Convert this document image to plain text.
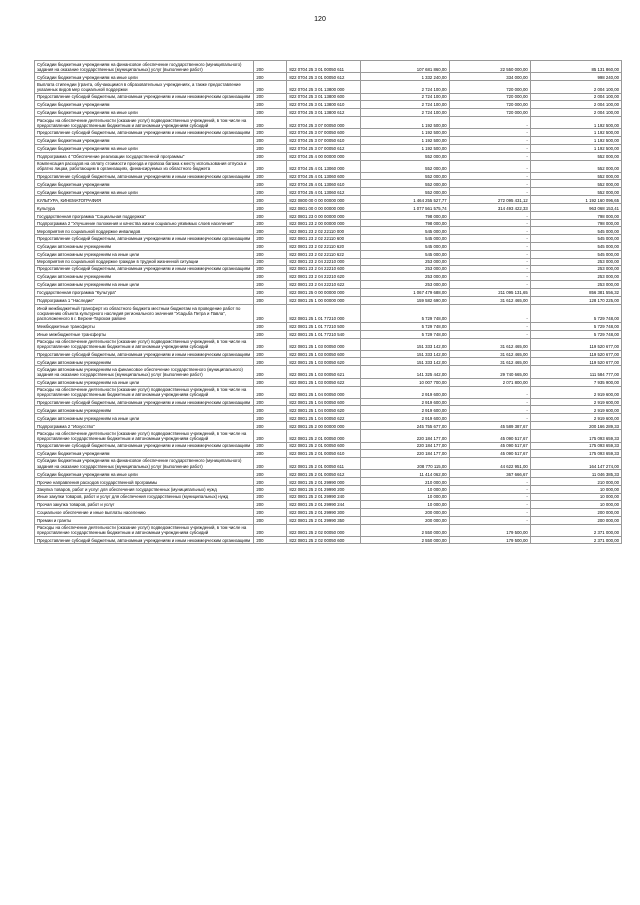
120
Субсидии бюджетным учреждениям на финансовое обеспечение государственного (муниципального) задания на оказание государственных (муниципальных) услуг (выполнение работ)	200	822 0704 25 3 01 00050 611	107 681 860,00	22 550 000,00	85 131 860,00
Субсидии бюджетным учреждениям на иные цели	200	822 0704 25 3 01 00050 612	1 332 240,00	334 000,00	998 240,00
Выплата стипендии (гранта, обучающимся в образовательных учреждениях, а также предоставление указанных видов мер социальной поддержки	200	822 0704 25 3 01 13800 000	2 724 100,00	720 000,00	2 004 100,00
Предоставление субсидий бюджетным, автономным учреждениям и иным некоммерческим организациям	200	822 0704 25 3 01 13800 600	2 724 100,00	720 000,00	2 004 100,00
Субсидии бюджетным учреждениям	200	822 0704 25 3 01 13800 610	2 724 100,00	720 000,00	2 004 100,00
Субсидии бюджетным учреждениям на иные цели	200	822 0704 25 3 01 13800 612	2 724 100,00	720 000,00	2 004 100,00
Расходы на обеспечение деятельности (оказание услуг) подведомственных учреждений, в том числе на предоставление государственным бюджетным и автономным учреждениям субсидий	200	822 0704 25 3 07 00050 000	1 192 500,00	-	1 192 500,00
Предоставление субсидий бюджетным, автономным учреждениям и иным некоммерческим организациям	200	822 0704 25 3 07 00050 600	1 192 500,00	-	1 192 500,00
Субсидии бюджетным учреждениям	200	822 0704 25 3 07 00050 610	1 192 500,00	-	1 192 500,00
Субсидии бюджетным учреждениям на иные цели	200	822 0704 25 3 07 00050 612	1 192 500,00	-	1 192 500,00
Подпрограмма 4 "Обеспечение реализации государственной программы"	200	822 0704 25 4 00 00000 000	552 000,00	-	552 000,00
Компенсация расходов на оплату стоимости проезда и провоза багажа к месту использования отпуска и обратно лицам, работающим в организациях, финансируемых из областного бюджета	200	822 0704 25 4 01 13060 000	552 000,00	-	552 000,00
Предоставление субсидий бюджетным, автономным учреждениям и иным некоммерческим организациям	200	822 0704 25 4 01 13060 600	552 000,00	-	552 000,00
Субсидии бюджетным учреждениям	200	822 0704 25 4 01 13060 610	552 000,00	-	552 000,00
Субсидии бюджетным учреждениям на иные цели	200	822 0704 25 4 01 13060 612	552 000,00	-	552 000,00
КУЛЬТУРА, КИНЕМАТОГРАФИЯ	200	822 0800 00 0 00 00000 000	1 464 255 527,77	272 095 431,12	1 192 160 096,65
Культура	200	822 0801 00 0 00 00000 000	1 077 561 575,74	314 493 422,33	963 068 153,41
Государственная программа "Социальная поддержка"	200	822 0801 23 0 00 00000 000	798 000,00	-	798 000,00
Подпрограмма 2 "Улучшение положения и качества жизни социально уязвимых слоев населения"	200	822 0801 23 2 00 00000 000	798 000,00	-	798 000,00
Мероприятия по социальной поддержке инвалидов	200	822 0801 23 2 02 22110 000	545 000,00	-	545 000,00
Предоставление субсидий бюджетным, автономным учреждениям и иным некоммерческим организациям	200	822 0801 23 2 02 22110 600	545 000,00	-	545 000,00
Субсидии автономным учреждениям	200	822 0801 23 2 02 22110 620	545 000,00	-	545 000,00
Субсидии автономным учреждениям на иные цели	200	822 0801 23 2 02 22110 622	545 000,00	-	545 000,00
Мероприятия по социальной поддержке граждан в трудной жизненной ситуации	200	822 0801 23 2 04 22210 000	253 000,00	-	253 000,00
Предоставление субсидий бюджетным, автономным учреждениям и иным некоммерческим организациям	200	822 0801 23 2 04 22210 600	253 000,00	-	253 000,00
Субсидии автономным учреждениям	200	822 0801 23 2 04 22210 620	253 000,00	-	253 000,00
Субсидии автономным учреждениям на иные цели	200	822 0801 23 2 04 22210 622	253 000,00	-	253 000,00
Государственная программа "Культура"	200	822 0801 25 0 00 00000 000	1 067 479 688,00	211 095 131,65	856 381 556,32
Подпрограмма 1 "Наследие"	200	822 0801 25 1 00 00000 000	159 582 690,00	31 612 465,00	128 170 225,00
Иной межбюджетный трансферт из областного бюджета местным бюджетам на проведение работ по сохранению объекта культурного наследия регионального значения "Усадьба Петра и Павла", расположенного в г. Верхне-Тарском районе	200	822 0801 25 1 01 77210 000	5 729 748,00	-	5 729 748,00
Межбюджетные трансферты	200	822 0801 25 1 01 77210 500	5 729 748,00	-	5 729 748,00
Иные межбюджетные трансферты	200	822 0801 25 1 01 77210 540	5 729 748,00	-	5 729 748,00
Расходы на обеспечение деятельности (оказание услуг) подведомственных учреждений, в том числе на предоставление государственным бюджетным и автономным учреждениям субсидий	200	822 0801 25 1 03 00050 000	151 333 142,00	31 612 465,00	119 520 677,00
Предоставление субсидий бюджетным, автономным учреждениям и иным некоммерческим организациям	200	822 0801 25 1 03 00050 600	151 333 142,00	31 612 465,00	119 520 677,00
Субсидии автономным учреждениям	200	822 0801 25 1 03 00050 620	151 333 142,00	31 612 465,00	119 520 677,00
Субсидии автономным учреждениям на финансовое обеспечение государственного (муниципального) задания на оказание государственных (муниципальных) услуг (выполнение работ)	200	822 0801 25 1 03 00050 621	141 325 442,00	29 740 665,00	111 584 777,00
Субсидии автономным учреждениям на иные цели	200	822 0801 25 1 03 00050 622	10 007 700,00	2 071 800,00	7 935 900,00
Расходы на обеспечение деятельности (оказание услуг) подведомственных учреждений, в том числе на предоставление государственным бюджетным и автономным учреждениям субсидий	200	822 0801 25 1 04 00050 000	2 919 600,00	-	2 919 600,00
Предоставление субсидий бюджетным, автономным учреждениям и иным некоммерческим организациям	200	822 0801 25 1 04 00050 600	2 919 600,00	-	2 919 600,00
Субсидии автономным учреждениям	200	822 0801 25 1 04 00050 620	2 919 600,00	-	2 919 600,00
Субсидии автономным учреждениям на иные цели	200	822 0801 25 1 04 00050 622	2 919 600,00	-	2 919 600,00
Подпрограмма 2 "Искусство"	200	822 0801 25 2 00 00000 000	245 755 677,00	45 589 387,67	200 166 289,33
Расходы на обеспечение деятельности (оказание услуг) подведомственных учреждений, в том числе на предоставление государственным бюджетным и автономным учреждениям субсидий	200	822 0801 25 2 01 00050 000	220 184 177,00	45 090 517,67	175 093 659,33
Предоставление субсидий бюджетным, автономным учреждениям и иным некоммерческим организациям	200	822 0801 25 2 01 00050 600	220 184 177,00	45 090 517,67	175 093 659,33
Субсидии бюджетным учреждениям	200	822 0801 25 2 01 00050 610	220 184 177,00	45 090 517,67	175 093 659,33
Субсидии бюджетным учреждениям на финансовое обеспечение государственного (муниципального) задания на оказание государственных (муниципальных) услуг (выполнение работ)	200	822 0801 25 2 01 00050 611	208 770 115,00	44 622 951,00	164 147 274,00
Субсидии бюджетным учреждениям на иные цели	200	822 0801 25 2 01 00050 612	11 414 062,00	367 666,67	11 046 385,33
Прочие направления расходов государственной программы	200	822 0801 25 2 01 29990 000	210 000,00	-	210 000,00
Закупка товаров, работ и услуг для обеспечения государственных (муниципальных) нужд	200	822 0801 25 2 01 29990 200	10 000,00	-	10 000,00
Иные закупки товаров, работ и услуг для обеспечения государственных (муниципальных) нужд	200	822 0801 25 2 01 29990 240	10 000,00	-	10 000,00
Прочая закупка товаров, работ и услуг	200	822 0801 25 2 01 29990 244	10 000,00	-	10 000,00
Социальное обеспечение и иные выплаты населению	200	822 0801 25 2 01 29990 300	200 000,00	-	200 000,00
Премии и гранты	200	822 0801 25 2 01 29990 350	200 000,00	-	200 000,00
Расходы на обеспечение деятельности (оказание услуг) подведомственных учреждений, в том числе на предоставление государственным бюджетным и автономным учреждениям субсидий	200	822 0801 25 2 02 00050 000	2 550 000,00	179 500,00	2 371 000,00
Предоставление субсидий бюджетным, автономным учреждениям и иным некоммерческим организациям	200	822 0801 25 2 02 00050 600	2 550 000,00	179 500,00	2 371 000,00
